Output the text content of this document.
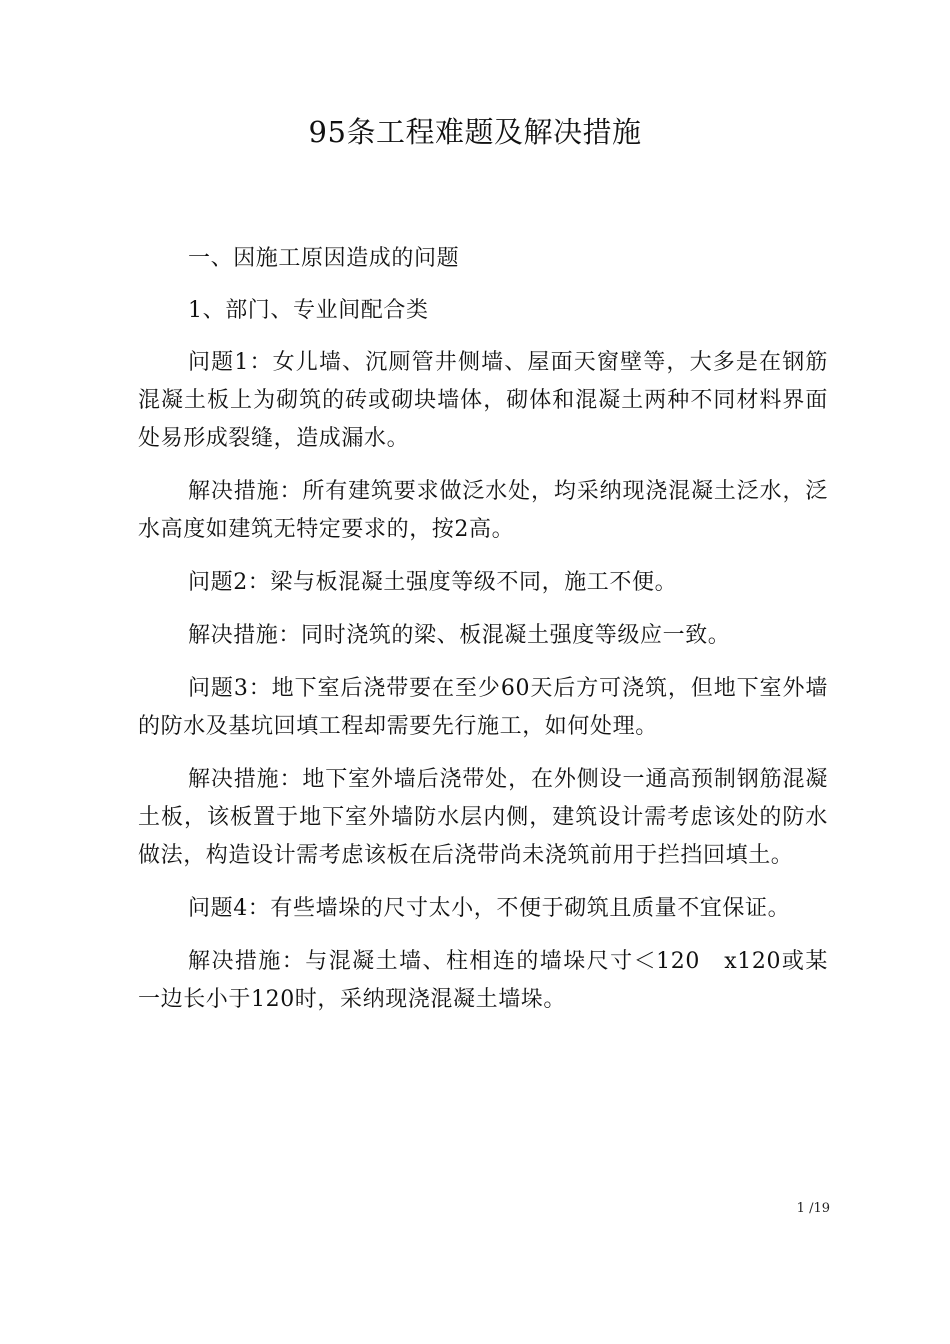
95条工程难题及解决措施

一、因施工原因造成的问题

1、部门、专业间配合类

问题1：女儿墙、沉厕管井侧墙、屋面天窗壁等，大多是在钢筋混凝土板上为砌筑的砖或砌块墙体，砌体和混凝土两种不同材料界面处易形成裂缝，造成漏水。

解决措施：所有建筑要求做泛水处，均采纳现浇混凝土泛水，泛水高度如建筑无特定要求的，按2高。

问题2：梁与板混凝土强度等级不同，施工不便。

解决措施：同时浇筑的梁、板混凝土强度等级应一致。

问题3：地下室后浇带要在至少60天后方可浇筑，但地下室外墙的防水及基坑回填工程却需要先行施工，如何处理。

解决措施：地下室外墙后浇带处，在外侧设一通高预制钢筋混凝土板，该板置于地下室外墙防水层内侧，建筑设计需考虑该处的防水做法，构造设计需考虑该板在后浇带尚未浇筑前用于拦挡回填土。

问题4：有些墙垛的尺寸太小，不便于砌筑且质量不宜保证。

解决措施：与混凝土墙、柱相连的墙垛尺寸＜120　x120或某一边长小于120时，采纳现浇混凝土墙垛。

1 /19
